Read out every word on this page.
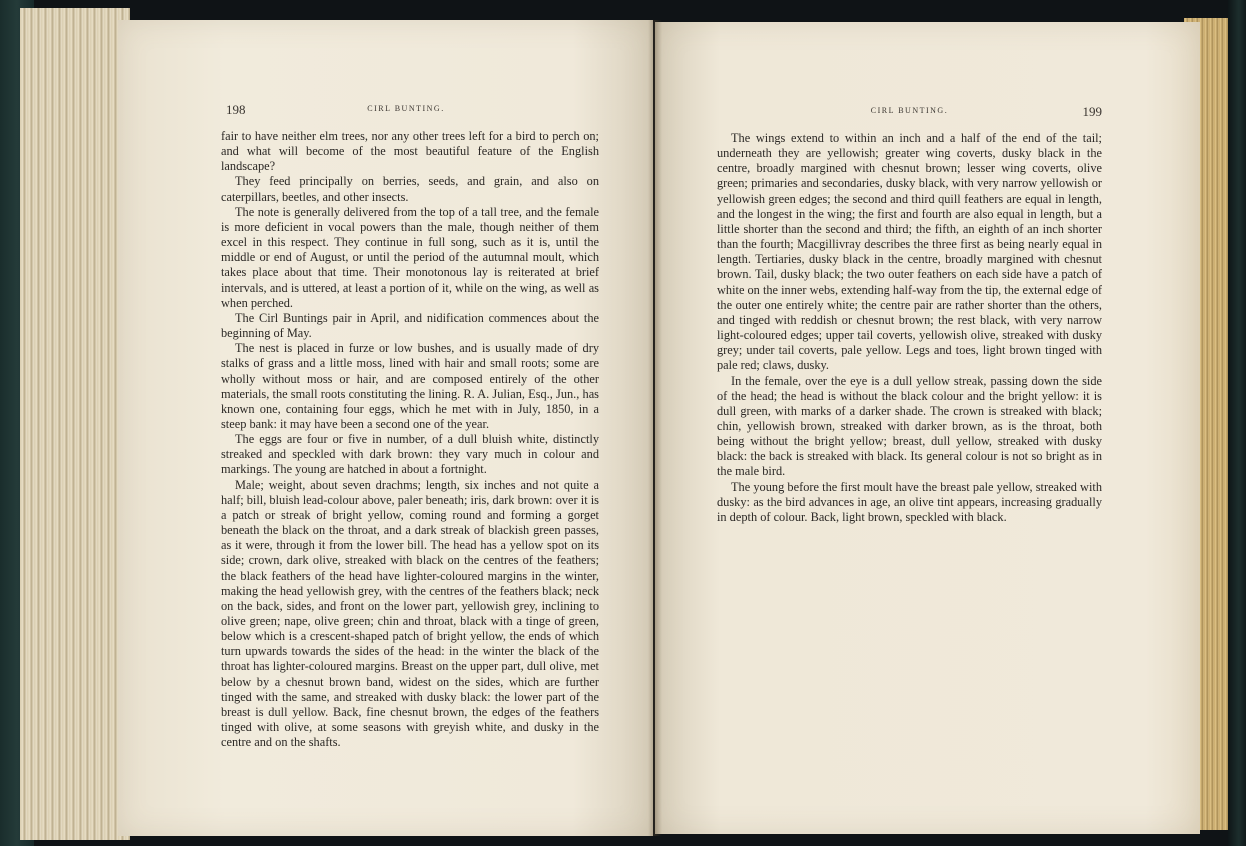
198	CIRL BUNTING.

fair to have neither elm trees, nor any other trees left for a bird to perch on; and what will become of the most beautiful feature of the English landscape?

They feed principally on berries, seeds, and grain, and also on caterpillars, beetles, and other insects.

The note is generally delivered from the top of a tall tree, and the female is more deficient in vocal powers than the male, though neither of them excel in this respect. They continue in full song, such as it is, until the middle or end of August, or until the period of the autumnal moult, which takes place about that time. Their monotonous lay is reiterated at brief intervals, and is uttered, at least a portion of it, while on the wing, as well as when perched.

The Cirl Buntings pair in April, and nidification commences about the beginning of May.

The nest is placed in furze or low bushes, and is usually made of dry stalks of grass and a little moss, lined with hair and small roots; some are wholly without moss or hair, and are composed entirely of the other materials, the small roots constituting the lining. R. A. Julian, Esq., Jun., has known one, containing four eggs, which he met with in July, 1850, in a steep bank: it may have been a second one of the year.

The eggs are four or five in number, of a dull bluish white, distinctly streaked and speckled with dark brown: they vary much in colour and markings. The young are hatched in about a fortnight.

Male; weight, about seven drachms; length, six inches and not quite a half; bill, bluish lead-colour above, paler beneath; iris, dark brown: over it is a patch or streak of bright yellow, coming round and forming a gorget beneath the black on the throat, and a dark streak of blackish green passes, as it were, through it from the lower bill. The head has a yellow spot on its side; crown, dark olive, streaked with black on the centres of the feathers; the black feathers of the head have lighter-coloured margins in the winter, making the head yellowish grey, with the centres of the feathers black; neck on the back, sides, and front on the lower part, yellowish grey, inclining to olive green; nape, olive green; chin and throat, black with a tinge of green, below which is a crescent-shaped patch of bright yellow, the ends of which turn upwards towards the sides of the head: in the winter the black of the throat has lighter-coloured margins. Breast on the upper part, dull olive, met below by a chesnut brown band, widest on the sides, which are further tinged with the same, and streaked with dusky black: the lower part of the breast is dull yellow. Back, fine chesnut brown, the edges of the feathers tinged with olive, at some seasons with greyish white, and dusky in the centre and on the shafts.

CIRL BUNTING.	199

The wings extend to within an inch and a half of the end of the tail; underneath they are yellowish; greater wing coverts, dusky black in the centre, broadly margined with chesnut brown; lesser wing coverts, olive green; primaries and secondaries, dusky black, with very narrow yellowish or yellowish green edges; the second and third quill feathers are equal in length, and the longest in the wing; the first and fourth are also equal in length, but a little shorter than the second and third; the fifth, an eighth of an inch shorter than the fourth; Macgillivray describes the three first as being nearly equal in length. Tertiaries, dusky black in the centre, broadly margined with chesnut brown. Tail, dusky black; the two outer feathers on each side have a patch of white on the inner webs, extending half-way from the tip, the external edge of the outer one entirely white; the centre pair are rather shorter than the others, and tinged with reddish or chesnut brown; the rest black, with very narrow light-coloured edges; upper tail coverts, yellowish olive, streaked with dusky grey; under tail coverts, pale yellow. Legs and toes, light brown tinged with pale red; claws, dusky.

In the female, over the eye is a dull yellow streak, passing down the side of the head; the head is without the black colour and the bright yellow: it is dull green, with marks of a darker shade. The crown is streaked with black; chin, yellowish brown, streaked with darker brown, as is the throat, both being without the bright yellow; breast, dull yellow, streaked with dusky black: the back is streaked with black. Its general colour is not so bright as in the male bird.

The young before the first moult have the breast pale yellow, streaked with dusky: as the bird advances in age, an olive tint appears, increasing gradually in depth of colour. Back, light brown, speckled with black.
